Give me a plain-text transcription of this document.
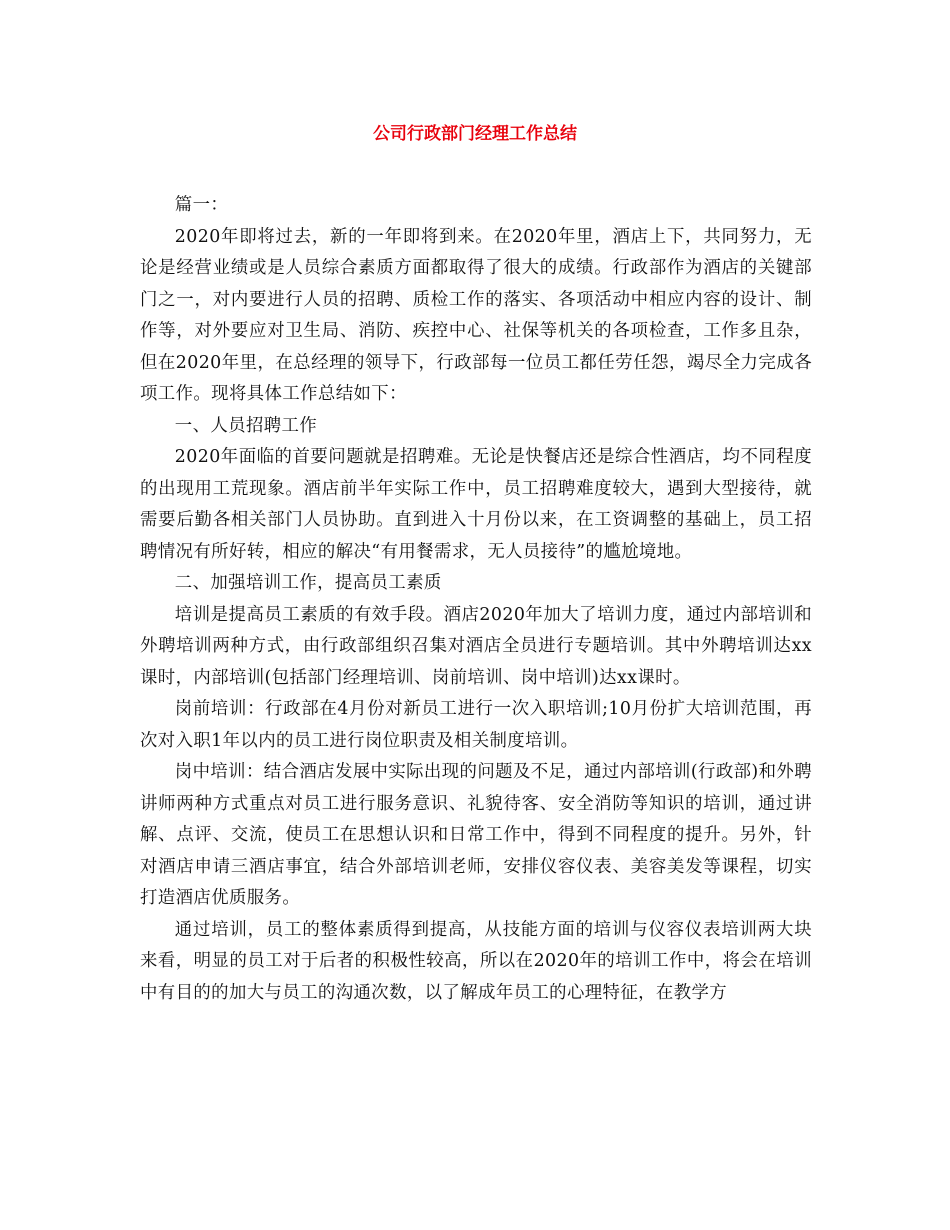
公司行政部门经理工作总结

篇一：

2020年即将过去，新的一年即将到来。在2020年里，酒店上下，共同努力，无论是经营业绩或是人员综合素质方面都取得了很大的成绩。行政部作为酒店的关键部门之一，对内要进行人员的招聘、质检工作的落实、各项活动中相应内容的设计、制作等，对外要应对卫生局、消防、疾控中心、社保等机关的各项检查，工作多且杂，但在2020年里，在总经理的领导下，行政部每一位员工都任劳任怨，竭尽全力完成各项工作。现将具体工作总结如下：

一、人员招聘工作

2020年面临的首要问题就是招聘难。无论是快餐店还是综合性酒店，均不同程度的出现用工荒现象。酒店前半年实际工作中，员工招聘难度较大，遇到大型接待，就需要后勤各相关部门人员协助。直到进入十月份以来，在工资调整的基础上，员工招聘情况有所好转，相应的解决“有用餐需求，无人员接待”的尴尬境地。

二、加强培训工作，提高员工素质

培训是提高员工素质的有效手段。酒店2020年加大了培训力度，通过内部培训和外聘培训两种方式，由行政部组织召集对酒店全员进行专题培训。其中外聘培训达xx课时，内部培训(包括部门经理培训、岗前培训、岗中培训)达xx课时。

岗前培训：行政部在4月份对新员工进行一次入职培训;10月份扩大培训范围，再次对入职1年以内的员工进行岗位职责及相关制度培训。

岗中培训：结合酒店发展中实际出现的问题及不足，通过内部培训(行政部)和外聘讲师两种方式重点对员工进行服务意识、礼貌待客、安全消防等知识的培训，通过讲解、点评、交流，使员工在思想认识和日常工作中，得到不同程度的提升。另外，针对酒店申请三酒店事宜，结合外部培训老师，安排仪容仪表、美容美发等课程，切实打造酒店优质服务。

通过培训，员工的整体素质得到提高，从技能方面的培训与仪容仪表培训两大块来看，明显的员工对于后者的积极性较高，所以在2020年的培训工作中，将会在培训中有目的的加大与员工的沟通次数，以了解成年员工的心理特征，在教学方
